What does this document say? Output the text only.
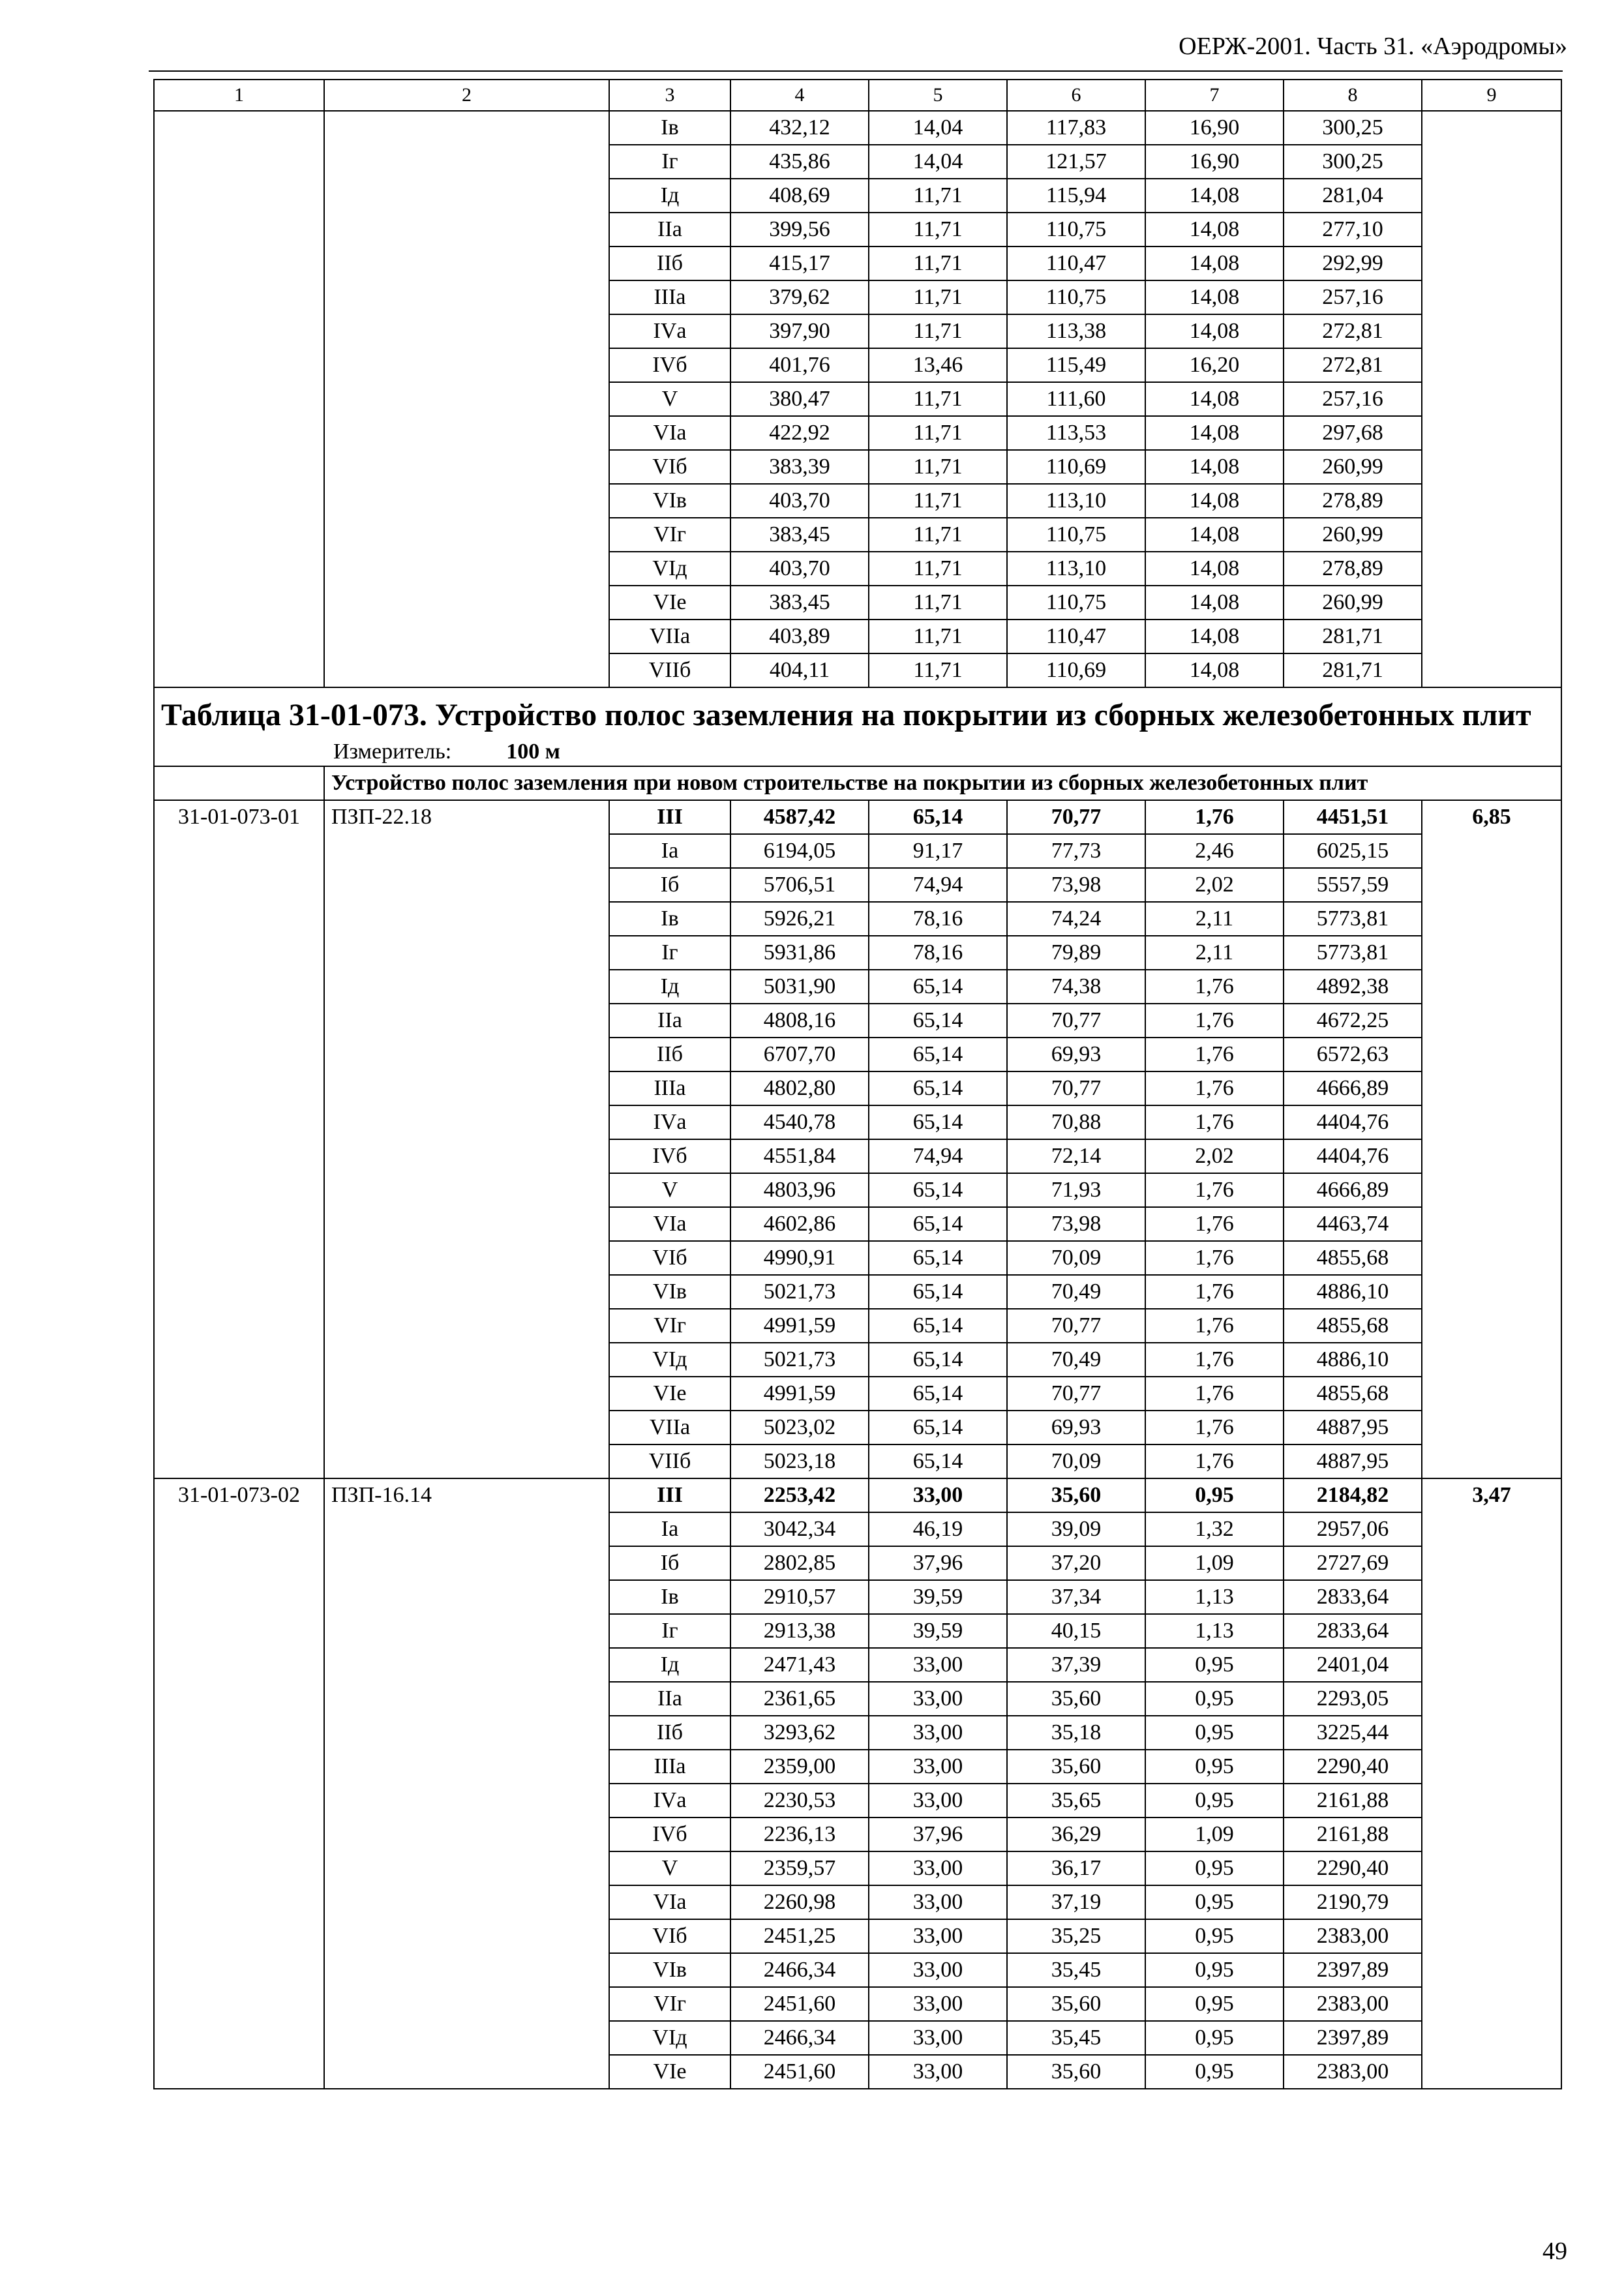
ОЕРЖ-2001. Часть 31. «Аэродромы»
1	2	3	4	5	6	7	8	9
		Iв	432,12	14,04	117,83	16,90	300,25	
		Iг	435,86	14,04	121,57	16,90	300,25	
		Iд	408,69	11,71	115,94	14,08	281,04	
		IIа	399,56	11,71	110,75	14,08	277,10	
		IIб	415,17	11,71	110,47	14,08	292,99	
		IIIа	379,62	11,71	110,75	14,08	257,16	
		IVа	397,90	11,71	113,38	14,08	272,81	
		IVб	401,76	13,46	115,49	16,20	272,81	
		V	380,47	11,71	111,60	14,08	257,16	
		VIа	422,92	11,71	113,53	14,08	297,68	
		VIб	383,39	11,71	110,69	14,08	260,99	
		VIв	403,70	11,71	113,10	14,08	278,89	
		VIг	383,45	11,71	110,75	14,08	260,99	
		VIд	403,70	11,71	113,10	14,08	278,89	
		VIе	383,45	11,71	110,75	14,08	260,99	
		VIIа	403,89	11,71	110,47	14,08	281,71	
		VIIб	404,11	11,71	110,69	14,08	281,71	

Таблица 31-01-073. Устройство полос заземления на покрытии из сборных железобетонных плит
Измеритель: 100 м								

	Устройство полос заземления при новом строительстве на покрытии из сборных железобетонных плит							
31-01-073-01	ПЗП-22.18	III	4587,42	65,14	70,77	1,76	4451,51	6,85
		Iа	6194,05	91,17	77,73	2,46	6025,15	
		Iб	5706,51	74,94	73,98	2,02	5557,59	
		Iв	5926,21	78,16	74,24	2,11	5773,81	
		Iг	5931,86	78,16	79,89	2,11	5773,81	
		Iд	5031,90	65,14	74,38	1,76	4892,38	
		IIа	4808,16	65,14	70,77	1,76	4672,25	
		IIб	6707,70	65,14	69,93	1,76	6572,63	
		IIIа	4802,80	65,14	70,77	1,76	4666,89	
		IVа	4540,78	65,14	70,88	1,76	4404,76	
		IVб	4551,84	74,94	72,14	2,02	4404,76	
		V	4803,96	65,14	71,93	1,76	4666,89	
		VIа	4602,86	65,14	73,98	1,76	4463,74	
		VIб	4990,91	65,14	70,09	1,76	4855,68	
		VIв	5021,73	65,14	70,49	1,76	4886,10	
		VIг	4991,59	65,14	70,77	1,76	4855,68	
		VIд	5021,73	65,14	70,49	1,76	4886,10	
		VIе	4991,59	65,14	70,77	1,76	4855,68	
		VIIа	5023,02	65,14	69,93	1,76	4887,95	
		VIIб	5023,18	65,14	70,09	1,76	4887,95	
31-01-073-02	ПЗП-16.14	III	2253,42	33,00	35,60	0,95	2184,82	3,47
		Iа	3042,34	46,19	39,09	1,32	2957,06	
		Iб	2802,85	37,96	37,20	1,09	2727,69	
		Iв	2910,57	39,59	37,34	1,13	2833,64	
		Iг	2913,38	39,59	40,15	1,13	2833,64	
		Iд	2471,43	33,00	37,39	0,95	2401,04	
		IIа	2361,65	33,00	35,60	0,95	2293,05	
		IIб	3293,62	33,00	35,18	0,95	3225,44	
		IIIа	2359,00	33,00	35,60	0,95	2290,40	
		IVа	2230,53	33,00	35,65	0,95	2161,88	
		IVб	2236,13	37,96	36,29	1,09	2161,88	
		V	2359,57	33,00	36,17	0,95	2290,40	
		VIа	2260,98	33,00	37,19	0,95	2190,79	
		VIб	2451,25	33,00	35,25	0,95	2383,00	
		VIв	2466,34	33,00	35,45	0,95	2397,89	
		VIг	2451,60	33,00	35,60	0,95	2383,00	
		VIд	2466,34	33,00	35,45	0,95	2397,89	
		VIе	2451,60	33,00	35,60	0,95	2383,00	
49
